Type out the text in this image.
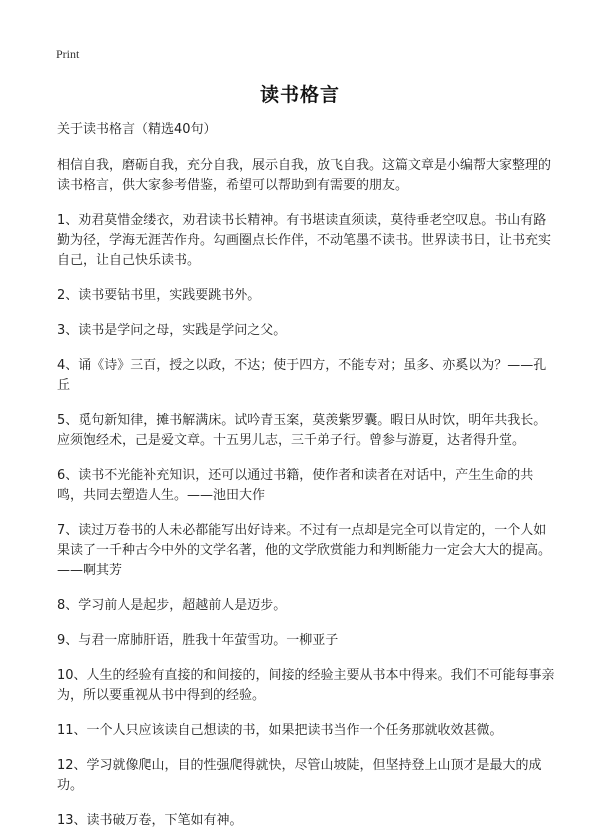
Print

读书格言

关于读书格言（精选40句）

相信自我，磨砺自我，充分自我，展示自我，放飞自我。这篇文章是小编帮大家整理的读书格言，供大家参考借鉴，希望可以帮助到有需要的朋友。

1、劝君莫惜金缕衣，劝君读书长精神。有书堪读直须读，莫待垂老空叹息。书山有路勤为径，学海无涯苦作舟。勾画圈点长作伴，不动笔墨不读书。世界读书日，让书充实自己，让自己快乐读书。

2、读书要钻书里，实践要跳书外。

3、读书是学问之母，实践是学问之父。

4、诵《诗》三百，授之以政，不达；使于四方，不能专对；虽多、亦奚以为？——孔丘

5、觅句新知律，摊书解满床。试吟青玉案，莫羡紫罗囊。暇日从时饮，明年共我长。应须饱经术，己是爱文章。十五男儿志，三千弟子行。曾参与游夏，达者得升堂。

6、读书不光能补充知识，还可以通过书籍，使作者和读者在对话中，产生生命的共鸣，共同去塑造人生。——池田大作

7、读过万卷书的人未必都能写出好诗来。不过有一点却是完全可以肯定的，一个人如果读了一千种古今中外的文学名著，他的文学欣赏能力和判断能力一定会大大的提高。——啊其芳

8、学习前人是起步，超越前人是迈步。

9、与君一席肺肝语，胜我十年萤雪功。一柳亚子

10、人生的经验有直接的和间接的，间接的经验主要从书本中得来。我们不可能每事亲为，所以要重视从书中得到的经验。

11、一个人只应该读自己想读的书，如果把读书当作一个任务那就收效甚微。

12、学习就像爬山，目的性强爬得就快，尽管山坡陡，但坚持登上山顶才是最大的成功。

13、读书破万卷，下笔如有神。
